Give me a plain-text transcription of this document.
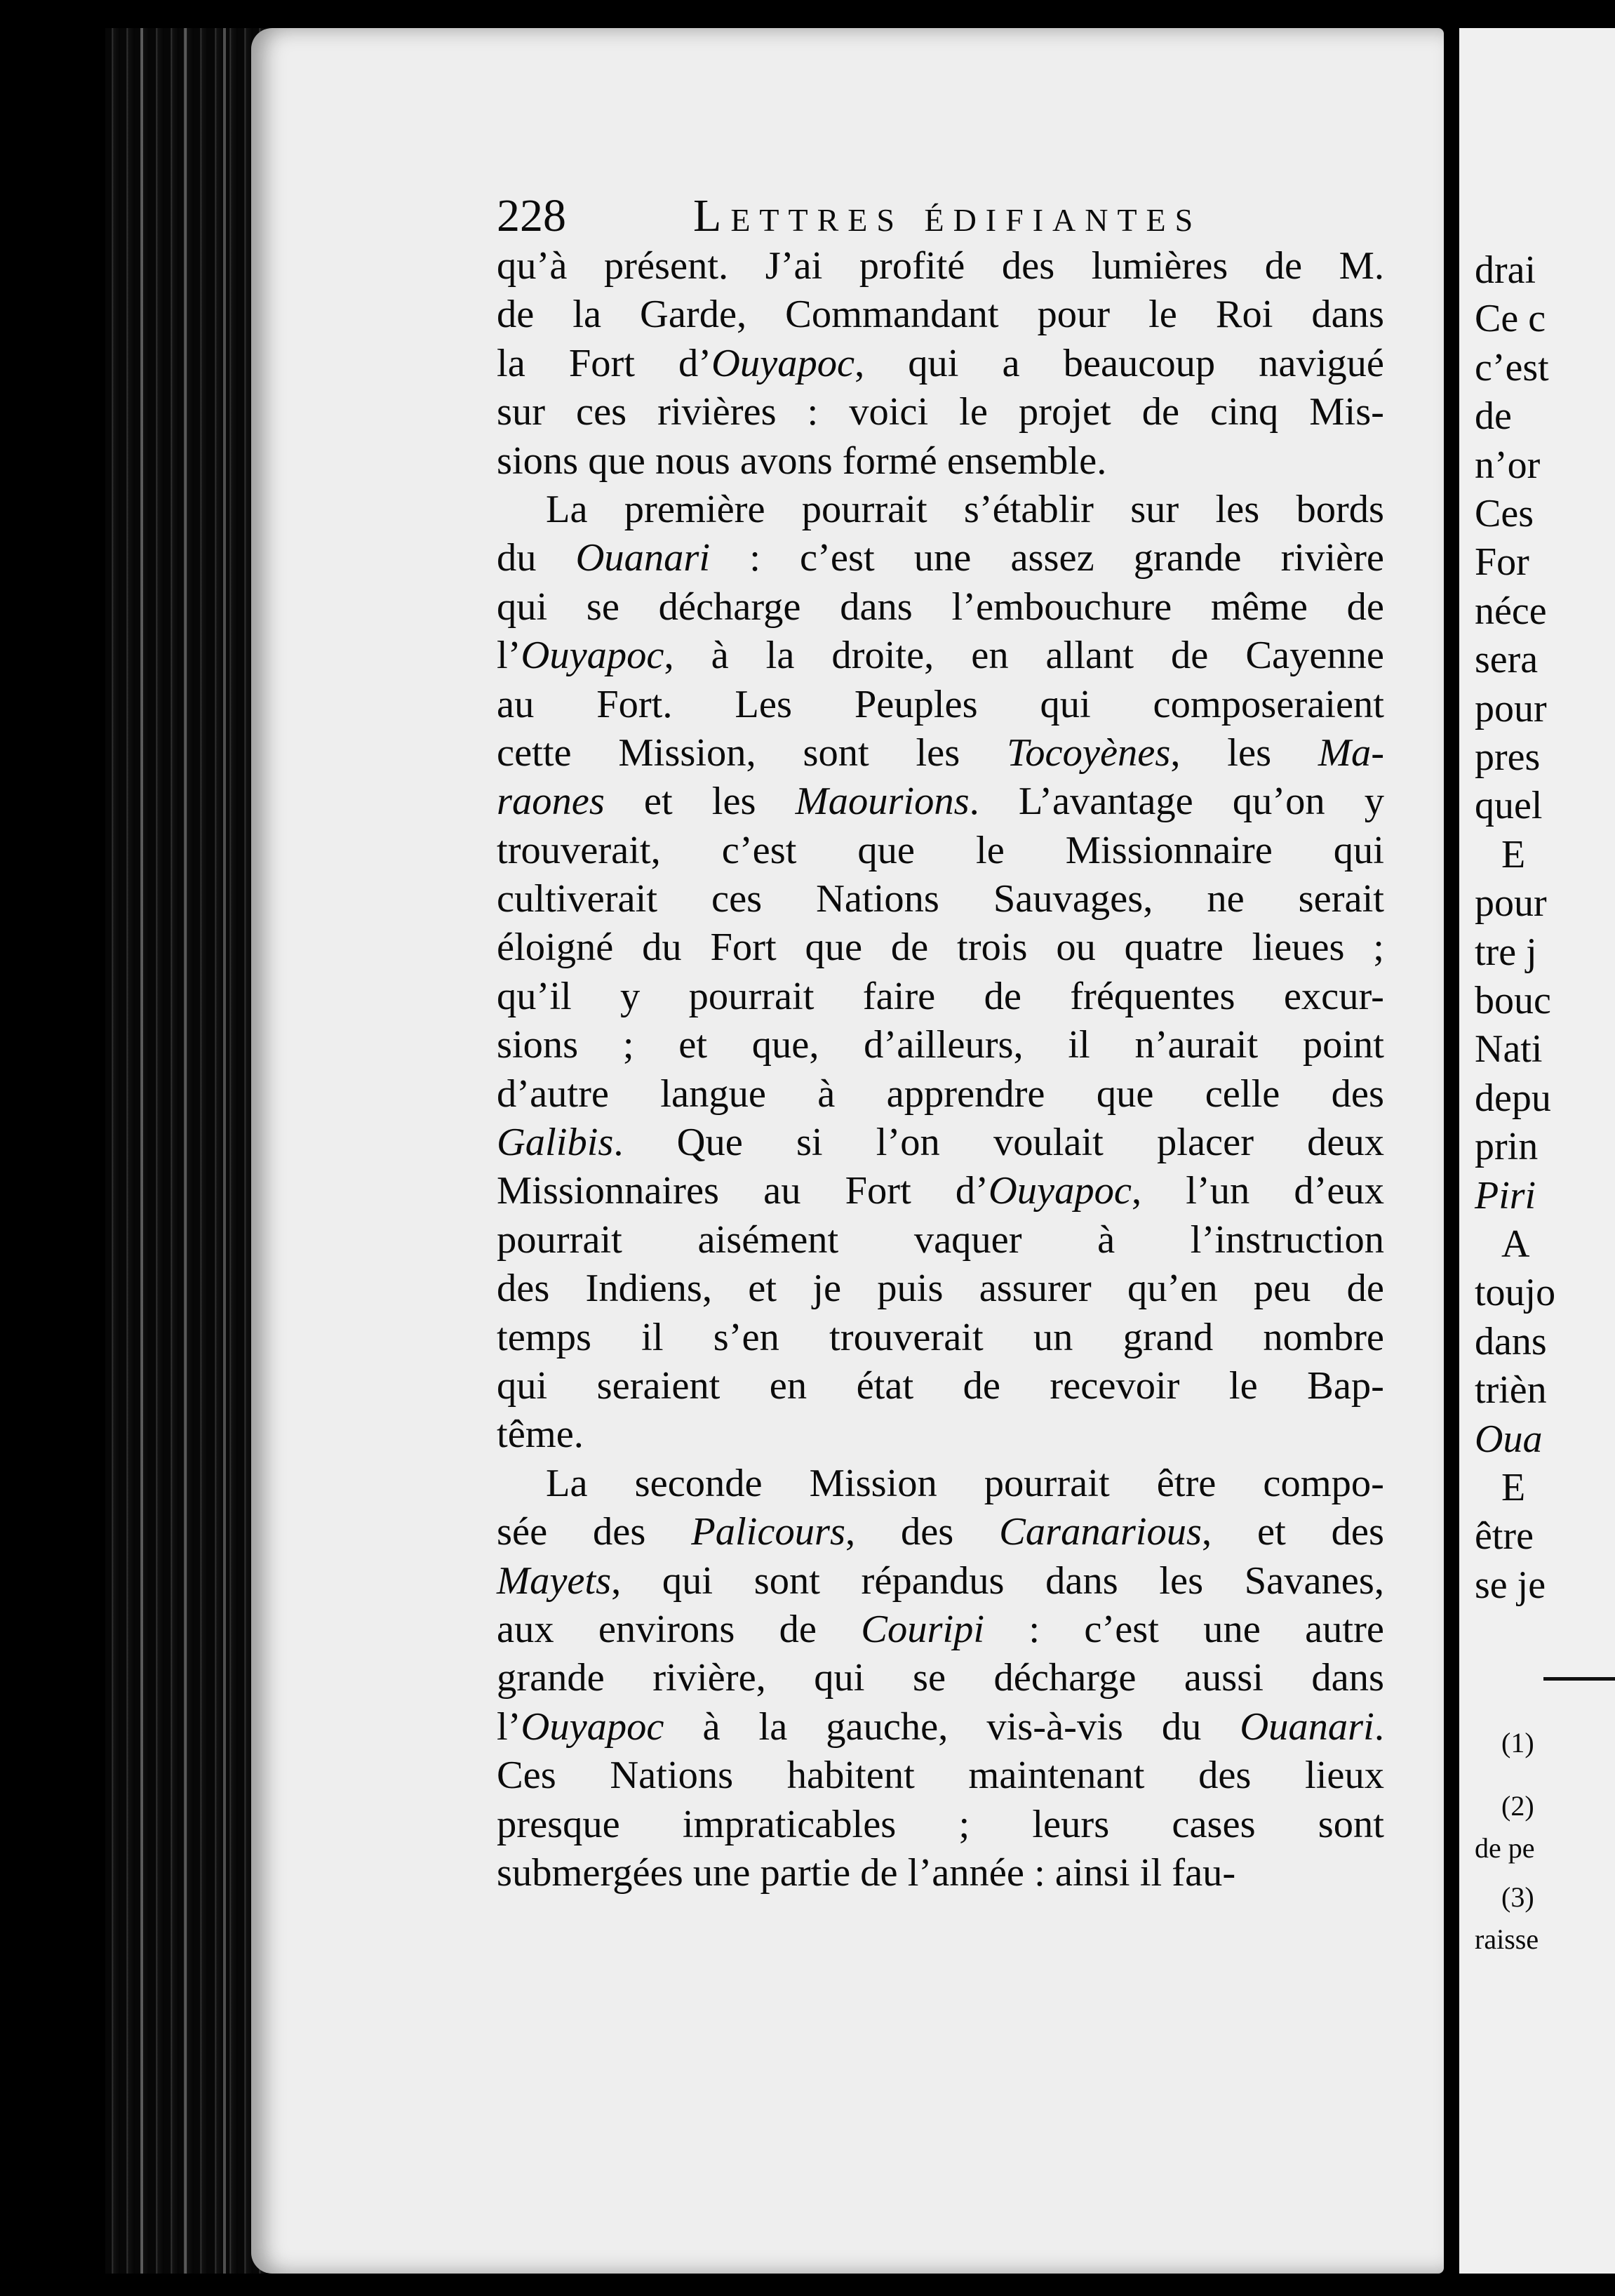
drai
Ce c
c’est
de
n’or
Ces
For
néce
sera
pour
pres
quel
E
pour
tre j
bouc
Nati
depu
prin
Piri
A
toujo
dans
trièn
Oua
E
être
se je
(1)
(2)
de pe
(3)
raisse
228	Lettres édifiantes
qu’à présent. J’ai profité des lumières de M.
de la Garde, Commandant pour le Roi dans
la Fort d’Ouyapoc, qui a beaucoup navigué
sur ces rivières : voici le projet de cinq Mis-
sions que nous avons formé ensemble.
La première pourrait s’établir sur les bords
du Ouanari : c’est une assez grande rivière
qui se décharge dans l’embouchure même de
l’Ouyapoc, à la droite, en allant de Cayenne
au Fort. Les Peuples qui composeraient
cette Mission, sont les Tocoyènes, les Ma-
raones et les Maourions. L’avantage qu’on y
trouverait, c’est que le Missionnaire qui
cultiverait ces Nations Sauvages, ne serait
éloigné du Fort que de trois ou quatre lieues ;
qu’il y pourrait faire de fréquentes excur-
sions ; et que, d’ailleurs, il n’aurait point
d’autre langue à apprendre que celle des
Galibis. Que si l’on voulait placer deux
Missionnaires au Fort d’Ouyapoc, l’un d’eux
pourrait aisément vaquer à l’instruction
des Indiens, et je puis assurer qu’en peu de
temps il s’en trouverait un grand nombre
qui seraient en état de recevoir le Bap-
tême.
La seconde Mission pourrait être compo-
sée des Palicours, des Caranarious, et des
Mayets, qui sont répandus dans les Savanes,
aux environs de Couripi : c’est une autre
grande rivière, qui se décharge aussi dans
l’Ouyapoc à la gauche, vis-à-vis du Ouanari.
Ces Nations habitent maintenant des lieux
presque impraticables ; leurs cases sont
submergées une partie de l’année : ainsi il fau-
